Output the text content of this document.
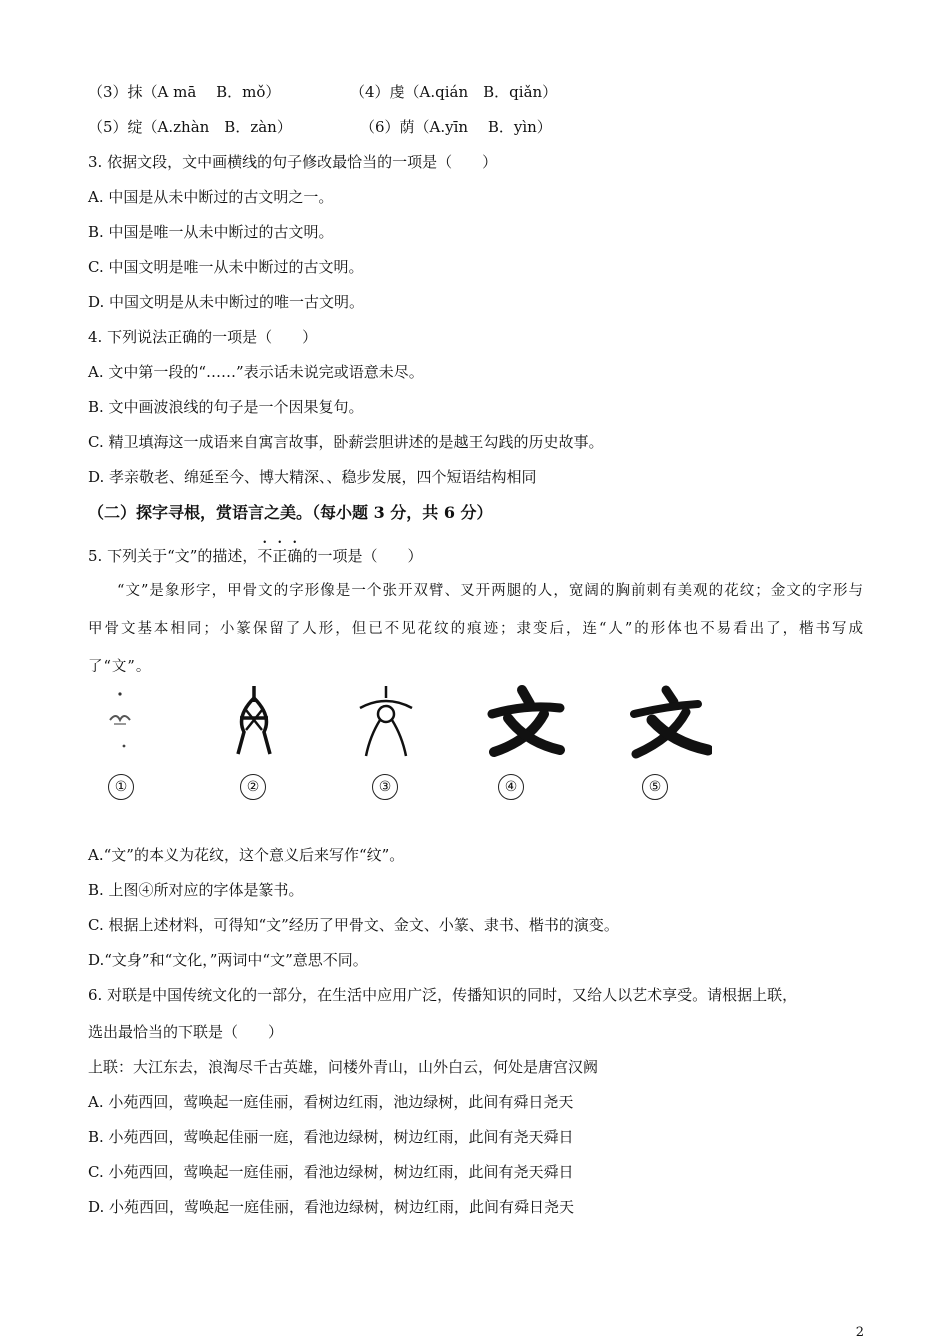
（3）抹（A mā　 B．mǒ）	（4）虔（A.qián　B．qiǎn）
（5）绽（A.zhàn　B．zàn）	（6）荫（A.yīn　 B．yìn）
3. 依据文段，文中画横线的句子修改最恰当的一项是（　　）
A. 中国是从未中断过的古文明之一。
B. 中国是唯一从未中断过的古文明。
C. 中国文明是唯一从未中断过的古文明。
D. 中国文明是从未中断过的唯一古文明。
4. 下列说法正确的一项是（　　）
A. 文中第一段的“……”表示话未说完或语意未尽。
B. 文中画波浪线的句子是一个因果复句。
C. 精卫填海这一成语来自寓言故事，卧薪尝胆讲述的是越王勾践的历史故事。
D. 孝亲敬老、绵延至今、博大精深、、稳步发展，四个短语结构相同
（二）探字寻根，赏语言之美。（每小题 3 分，共 6 分）
5. 下列关于“文”的描述，不正确的一项是（　　）
“文”是象形字，甲骨文的字形像是一个张开双臂、叉开两腿的人，宽阔的胸前刺有美观的花纹；金文的字形与甲骨文基本相同；小篆保留了人形，但已不见花纹的痕迹；隶变后，连“人”的形体也不易看出了，楷书写成了“文”。
①	②	③	④	⑤
A.“文”的本义为花纹，这个意义后来写作“纹”。
B. 上图④所对应的字体是篆书。
C. 根据上述材料，可得知“文”经历了甲骨文、金文、小篆、隶书、楷书的演变。
D.“文身”和“文化，”两词中“文”意思不同。
6. 对联是中国传统文化的一部分，在生活中应用广泛，传播知识的同时，又给人以艺术享受。请根据上联，
选出最恰当的下联是（　　）
上联：大江东去，浪淘尽千古英雄，问楼外青山，山外白云，何处是唐宫汉阙
A. 小苑西回，莺唤起一庭佳丽，看树边红雨，池边绿树，此间有舜日尧天
B. 小苑西回，莺唤起佳丽一庭，看池边绿树，树边红雨，此间有尧天舜日
C. 小苑西回，莺唤起一庭佳丽，看池边绿树，树边红雨，此间有尧天舜日
D. 小苑西回，莺唤起一庭佳丽，看池边绿树，树边红雨，此间有舜日尧天
2
